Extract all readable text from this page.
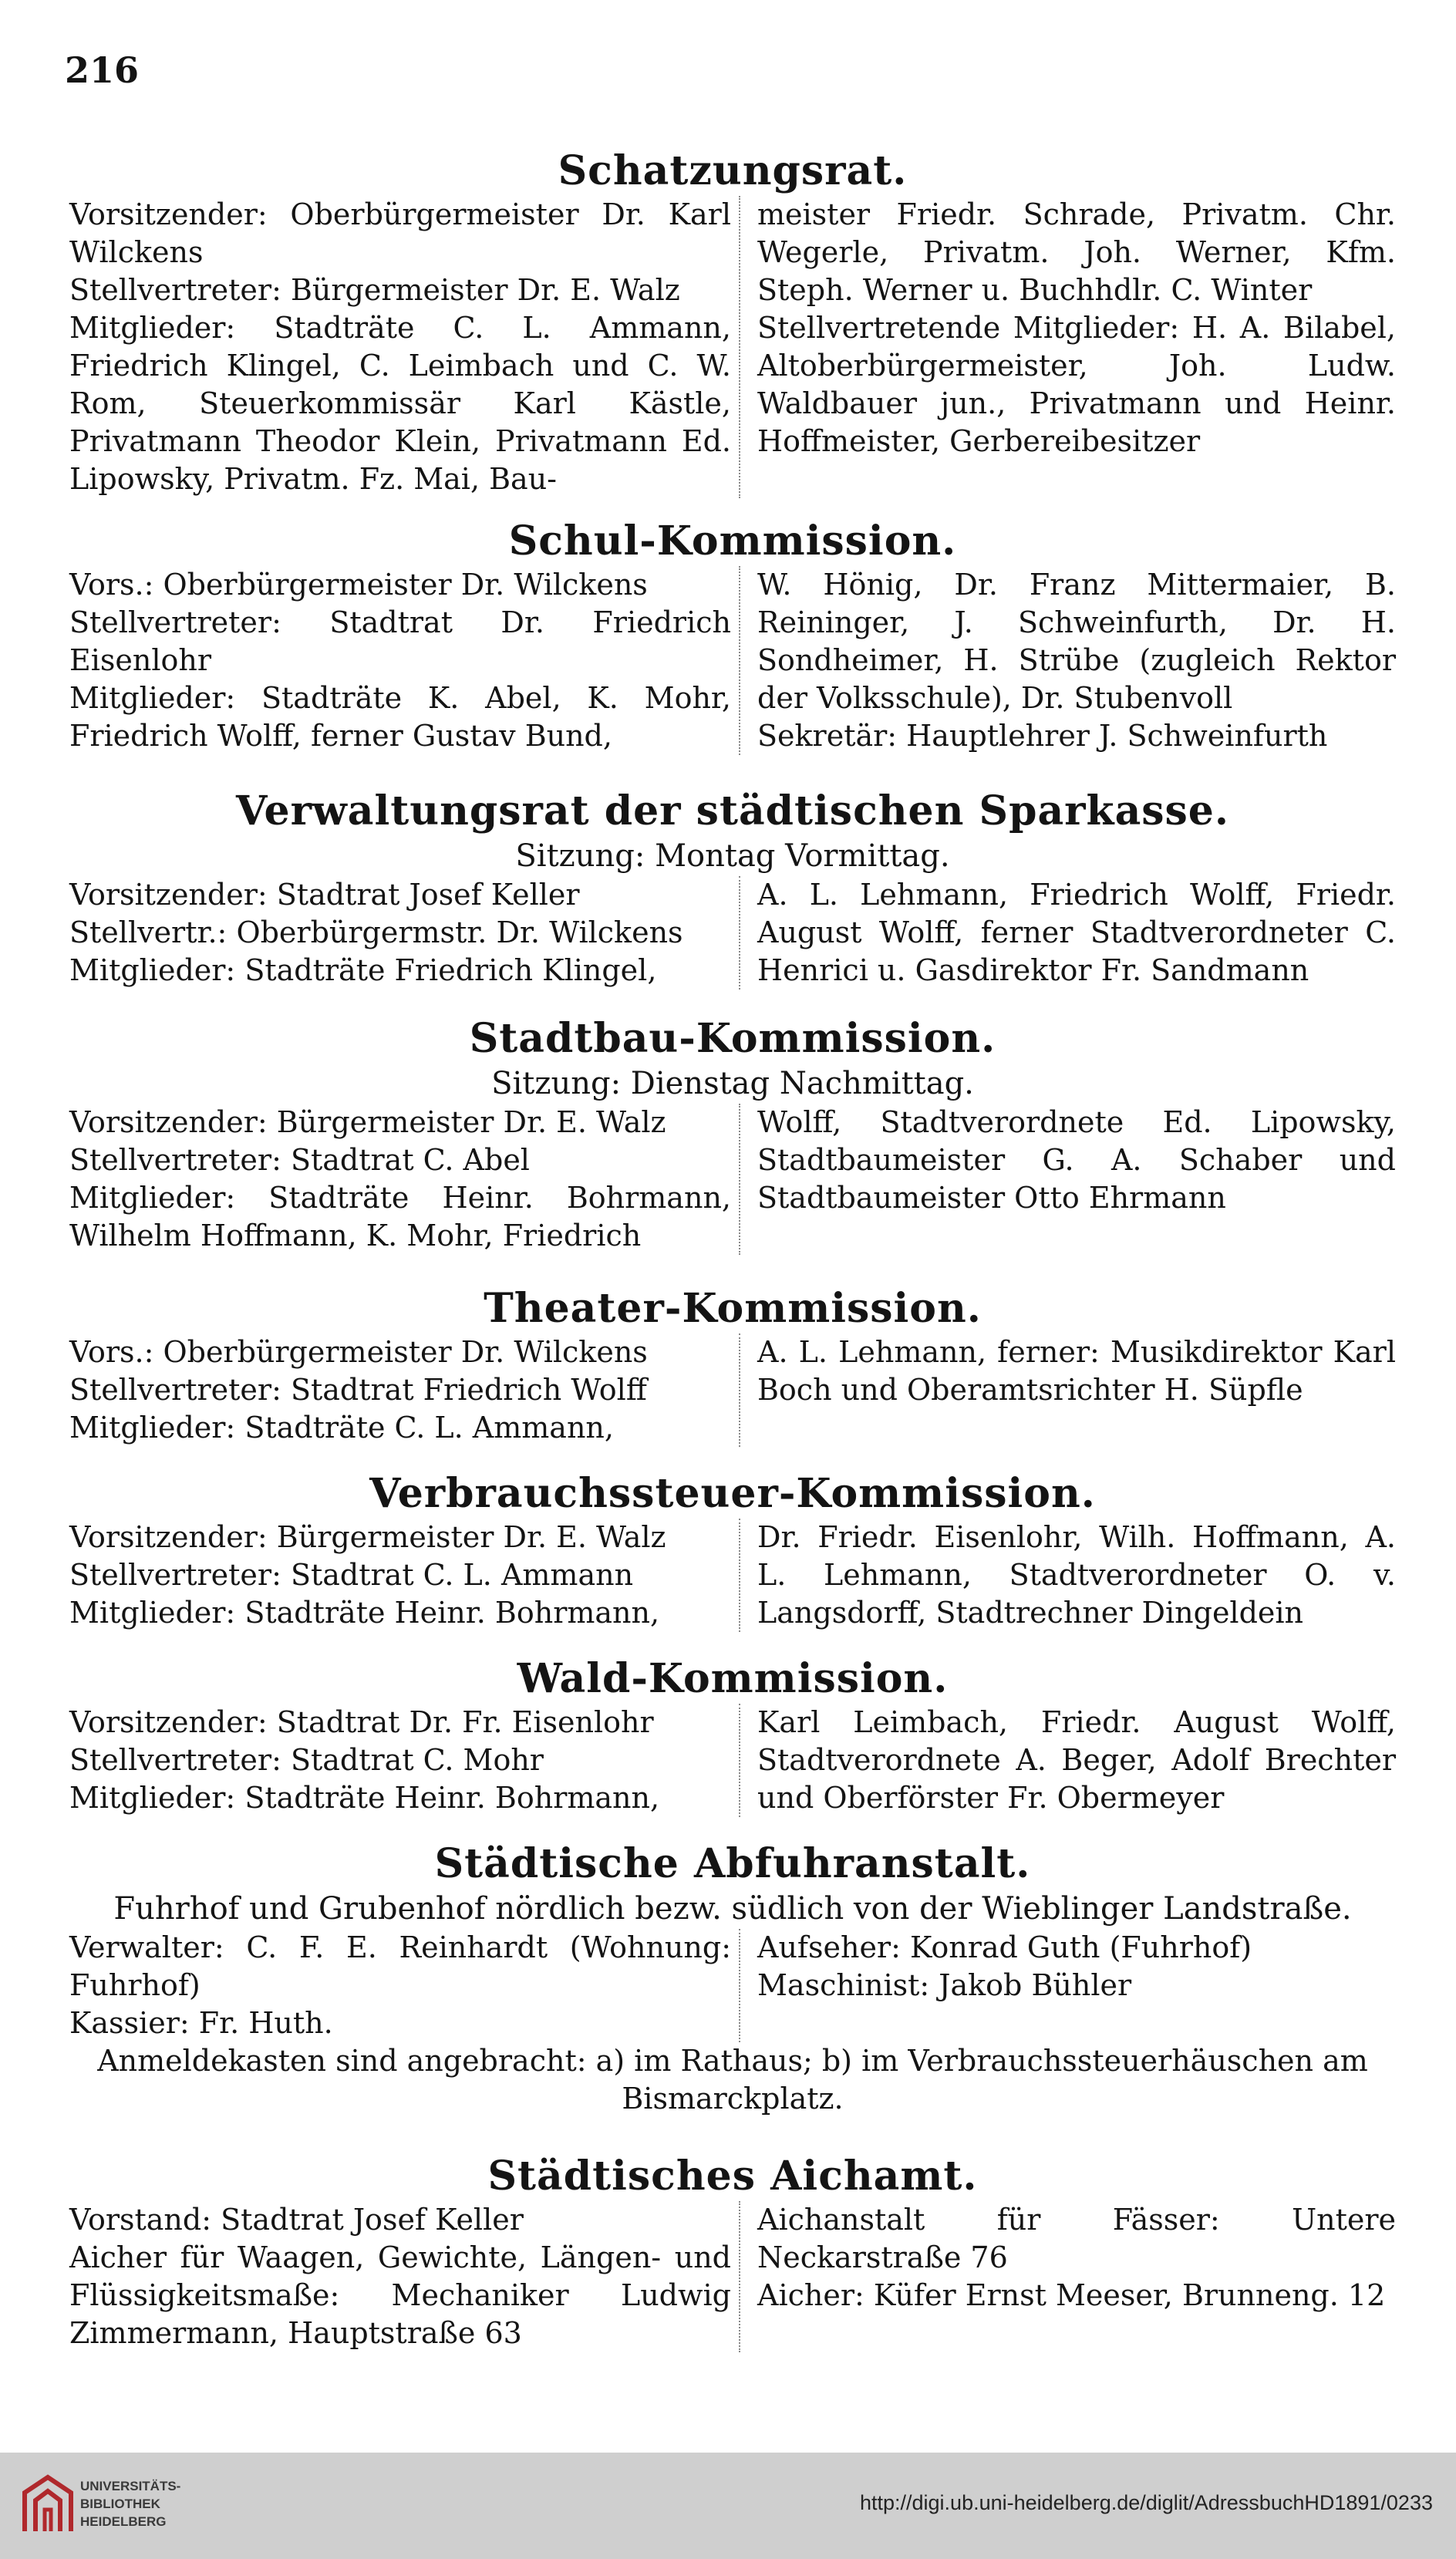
216
Schatzungsrat.

Vorsitzender: Oberbürgermeister Dr. Karl Wilckens

Stellvertreter: Bürgermeister Dr. E. Walz

Mitglieder: Stadträte C. L. Ammann, Friedrich Klingel, C. Leimbach und C. W. Rom, Steuerkommissär Karl Kästle, Privatmann Theodor Klein, Privatmann Ed. Lipowsky, Privatm. Fz. Mai, Bau-

meister Friedr. Schrade, Privatm. Chr. Wegerle, Privatm. Joh. Werner, Kfm. Steph. Werner u. Buchhdlr. C. Winter

Stellvertretende Mitglieder: H. A. Bilabel, Altoberbürgermeister, Joh. Ludw. Waldbauer jun., Privatmann und Heinr. Hoffmeister, Gerbereibesitzer

Schul-Kommission.

Vors.: Oberbürgermeister Dr. Wilckens

Stellvertreter: Stadtrat Dr. Friedrich Eisenlohr

Mitglieder: Stadträte K. Abel, K. Mohr, Friedrich Wolff, ferner Gustav Bund,

W. Hönig, Dr. Franz Mittermaier, B. Reininger, J. Schweinfurth, Dr. H. Sondheimer, H. Strübe (zugleich Rektor der Volksschule), Dr. Stubenvoll

Sekretär: Hauptlehrer J. Schweinfurth

Verwaltungsrat der städtischen Sparkasse.
Sitzung: Montag Vormittag.

Vorsitzender: Stadtrat Josef Keller

Stellvertr.: Oberbürgermstr. Dr. Wilckens

Mitglieder: Stadträte Friedrich Klingel,

A. L. Lehmann, Friedrich Wolff, Friedr. August Wolff, ferner Stadtverordneter C. Henrici u. Gasdirektor Fr. Sandmann

Stadtbau-Kommission.
Sitzung: Dienstag Nachmittag.

Vorsitzender: Bürgermeister Dr. E. Walz

Stellvertreter: Stadtrat C. Abel

Mitglieder: Stadträte Heinr. Bohrmann, Wilhelm Hoffmann, K. Mohr, Friedrich

Wolff, Stadtverordnete Ed. Lipowsky, Stadtbaumeister G. A. Schaber und Stadtbaumeister Otto Ehrmann

Theater-Kommission.

Vors.: Oberbürgermeister Dr. Wilckens

Stellvertreter: Stadtrat Friedrich Wolff

Mitglieder: Stadträte C. L. Ammann,

A. L. Lehmann, ferner: Musikdirektor Karl Boch und Oberamtsrichter H. Süpfle

Verbrauchssteuer-Kommission.

Vorsitzender: Bürgermeister Dr. E. Walz

Stellvertreter: Stadtrat C. L. Ammann

Mitglieder: Stadträte Heinr. Bohrmann,

Dr. Friedr. Eisenlohr, Wilh. Hoffmann, A. L. Lehmann, Stadtverordneter O. v. Langsdorff, Stadtrechner Dingeldein

Wald-Kommission.

Vorsitzender: Stadtrat Dr. Fr. Eisenlohr

Stellvertreter: Stadtrat C. Mohr

Mitglieder: Stadträte Heinr. Bohrmann,

Karl Leimbach, Friedr. August Wolff, Stadtverordnete A. Beger, Adolf Brechter und Oberförster Fr. Obermeyer

Städtische Abfuhranstalt.
Fuhrhof und Grubenhof nördlich bezw. südlich von der Wieblinger Landstraße.

Verwalter: C. F. E. Reinhardt (Wohnung: Fuhrhof)

Kassier: Fr. Huth.

Aufseher: Konrad Guth (Fuhrhof)

Maschinist: Jakob Bühler

Anmeldekasten sind angebracht: a) im Rathaus; b) im Verbrauchssteuerhäuschen am Bismarckplatz.
Städtisches Aichamt.

Vorstand: Stadtrat Josef Keller

Aicher für Waagen, Gewichte, Längen- und Flüssigkeitsmaße: Mechaniker Ludwig Zimmermann, Hauptstraße 63

Aichanstalt für Fässer: Untere Neckarstraße 76

Aicher: Küfer Ernst Meeser, Brunneng. 12

UNIVERSITÄTS-
BIBLIOTHEK
HEIDELBERG
http://digi.ub.uni-heidelberg.de/diglit/AdressbuchHD1891/0233
